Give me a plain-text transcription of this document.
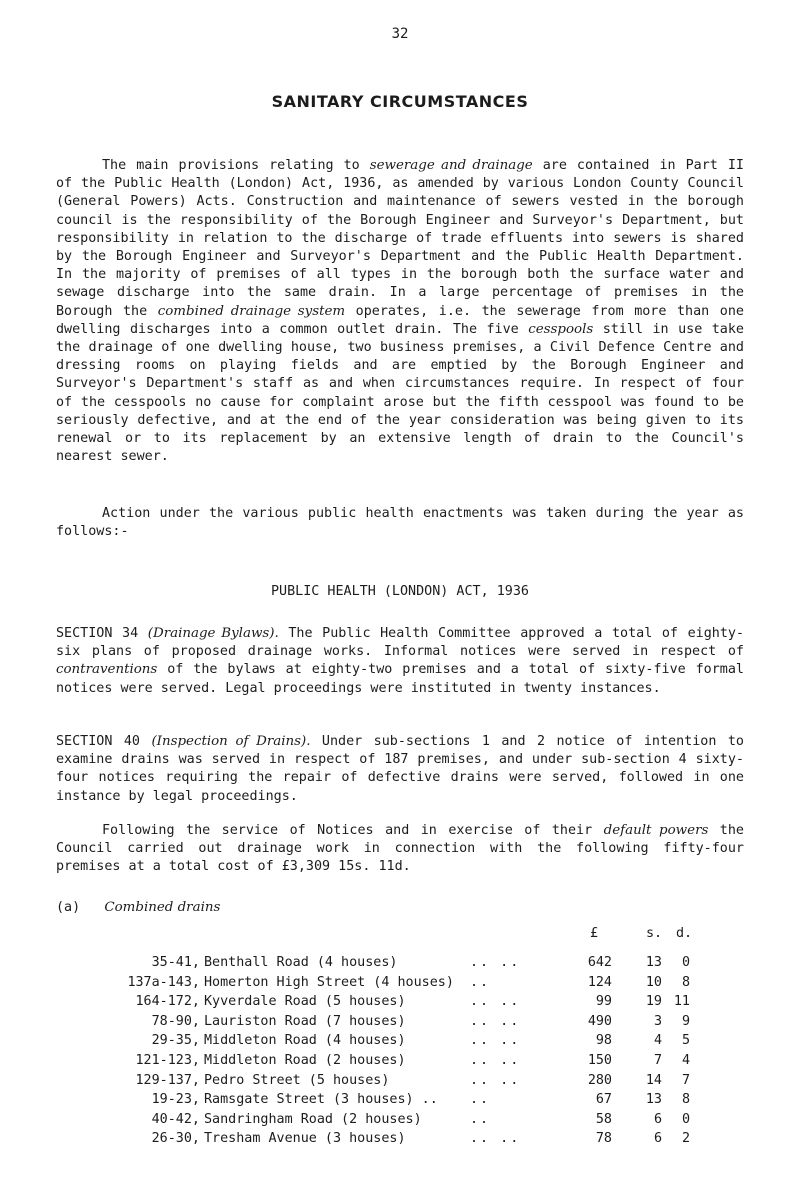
32
SANITARY CIRCUMSTANCES

The main provisions relating to sewerage and drainage are contained in Part II of the Public Health (London) Act, 1936, as amended by various London County Council (General Powers) Acts. Construction and maintenance of sewers vested in the borough council is the responsibility of the Borough Engineer and Surveyor's Department, but responsibility in relation to the discharge of trade effluents into sewers is shared by the Borough Engineer and Surveyor's Department and the Public Health Department. In the majority of premises of all types in the borough both the surface water and sewage discharge into the same drain. In a large percentage of premises in the Borough the combined drainage system operates, i.e. the sewerage from more than one dwelling discharges into a common outlet drain. The five cesspools still in use take the drainage of one dwelling house, two business premises, a Civil Defence Centre and dressing rooms on playing fields and are emptied by the Borough Engineer and Surveyor's Department's staff as and when circumstances require. In respect of four of the cesspools no cause for complaint arose but the fifth cesspool was found to be seriously defective, and at the end of the year consideration was being given to its renewal or to its replacement by an extensive length of drain to the Council's nearest sewer.

Action under the various public health enactments was taken during the year as follows:-

PUBLIC HEALTH (LONDON) ACT, 1936

SECTION 34 (Drainage Bylaws). The Public Health Committee approved a total of eighty-six plans of proposed drainage works. Informal notices were served in respect of contraventions of the bylaws at eighty-two premises and a total of sixty-five formal notices were served. Legal proceedings were instituted in twenty instances.

SECTION 40 (Inspection of Drains). Under sub-sections 1 and 2 notice of intention to examine drains was served in respect of 187 premises, and under sub-section 4 sixty-four notices requiring the repair of defective drains were served, followed in one instance by legal proceedings.

Following the service of Notices and in exercise of their default powers the Council carried out drainage work in connection with the following fifty-four premises at a total cost of £3,309 15s. 11d.

(a) Combined drains
£	s. d.
35-41, Benthall Road (4 houses)	.. ..	642	13 0
137a-143, Homerton High Street (4 houses) ..	124	10 8
164-172, Kyverdale Road (5 houses)	.. ..	99	19 11
78-90, Lauriston Road (7 houses)	.. ..	490	3 9
29-35, Middleton Road (4 houses)	.. ..	98	4 5
121-123, Middleton Road (2 houses)	.. ..	150	7 4
129-137, Pedro Street (5 houses)	.. ..	280	14 7
19-23, Ramsgate Street (3 houses) .. ..	67	13 8
40-42, Sandringham Road (2 houses)	..	58	6 0
26-30, Tresham Avenue (3 houses)	.. ..	78	6 2
